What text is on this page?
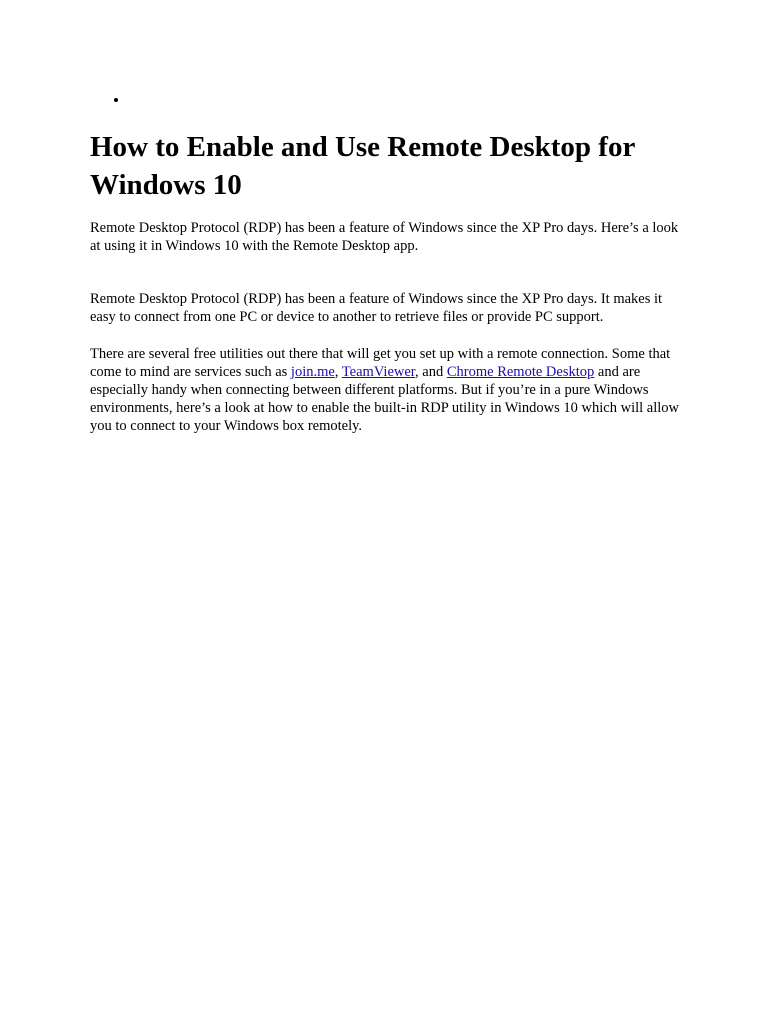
How to Enable and Use Remote Desktop for Windows 10

Remote Desktop Protocol (RDP) has been a feature of Windows since the XP Pro days. Here’s a look at using it in Windows 10 with the Remote Desktop app.

Remote Desktop Protocol (RDP) has been a feature of Windows since the XP Pro days. It makes it easy to connect from one PC or device to another to retrieve files or provide PC support.

There are several free utilities out there that will get you set up with a remote connection. Some that come to mind are services such as join.me, TeamViewer, and Chrome Remote Desktop and are especially handy when connecting between different platforms. But if you’re in a pure Windows environments, here’s a look at how to enable the built-in RDP utility in Windows 10 which will allow you to connect to your Windows box remotely.
